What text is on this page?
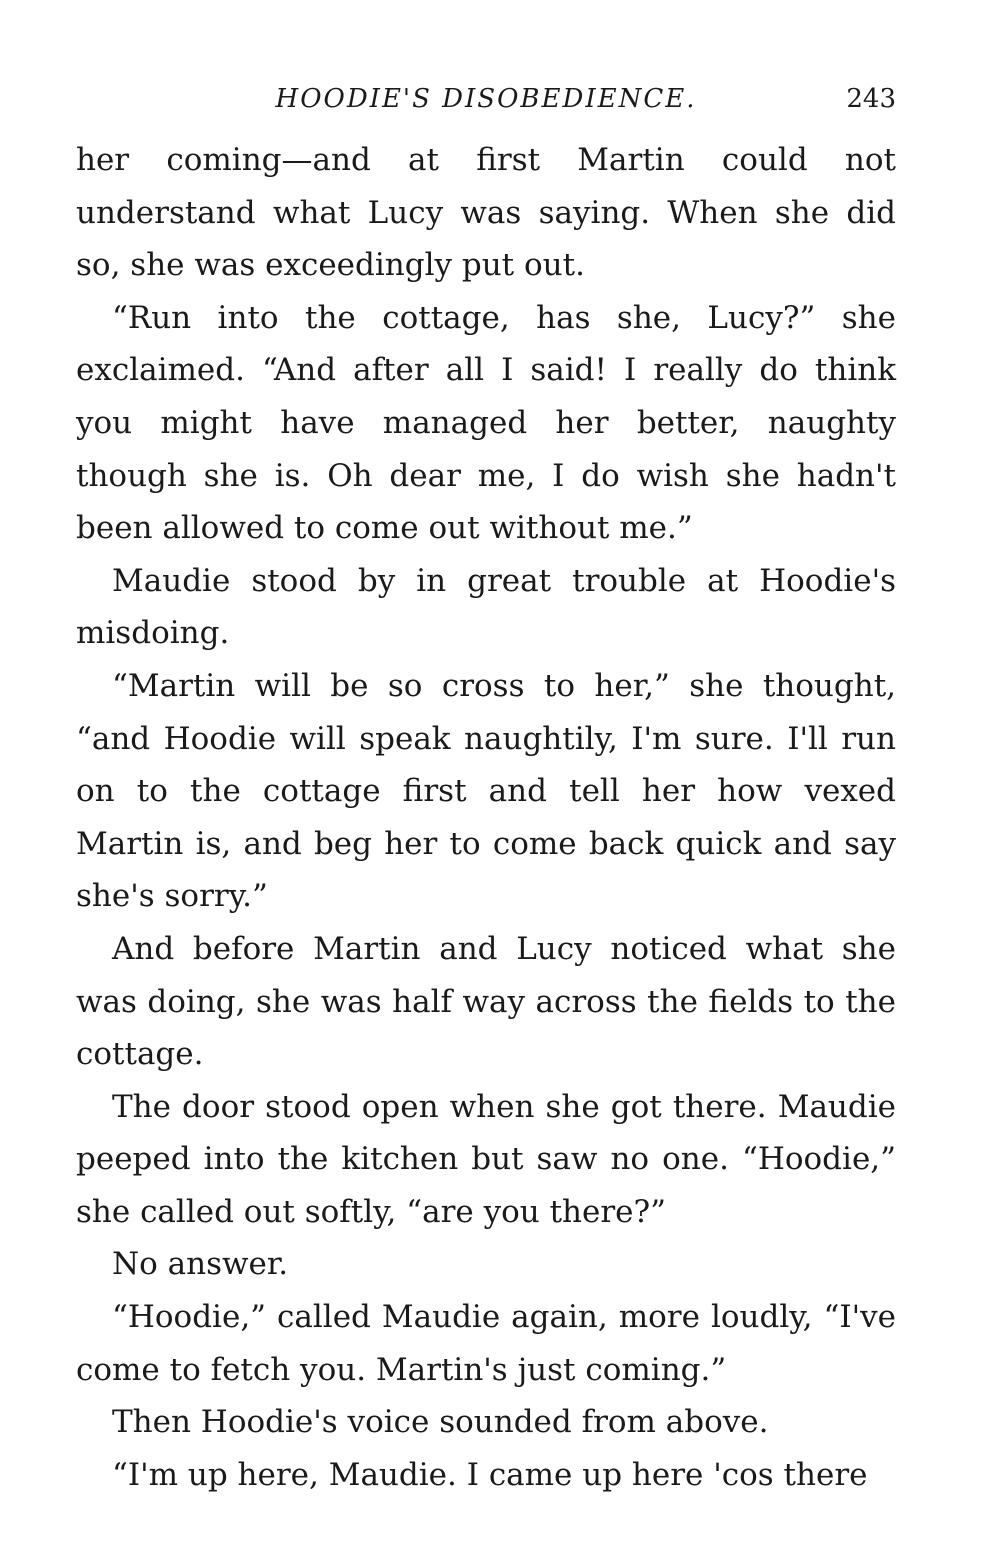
HOODIE'S DISOBEDIENCE.	243

her coming—and at first Martin could not understand what Lucy was saying. When she did so, she was exceedingly put out.

“Run into the cottage, has she, Lucy?” she exclaimed. “And after all I said! I really do think you might have managed her better, naughty though she is. Oh dear me, I do wish she hadn't been allowed to come out without me.”

Maudie stood by in great trouble at Hoodie's misdoing.

“Martin will be so cross to her,” she thought, “and Hoodie will speak naughtily, I'm sure. I'll run on to the cottage first and tell her how vexed Martin is, and beg her to come back quick and say she's sorry.”

And before Martin and Lucy noticed what she was doing, she was half way across the fields to the cottage.

The door stood open when she got there. Maudie peeped into the kitchen but saw no one. “Hoodie,” she called out softly, “are you there?”

No answer.

“Hoodie,” called Maudie again, more loudly, “I've come to fetch you. Martin's just coming.”

Then Hoodie's voice sounded from above.

“I'm up here, Maudie. I came up here 'cos there
